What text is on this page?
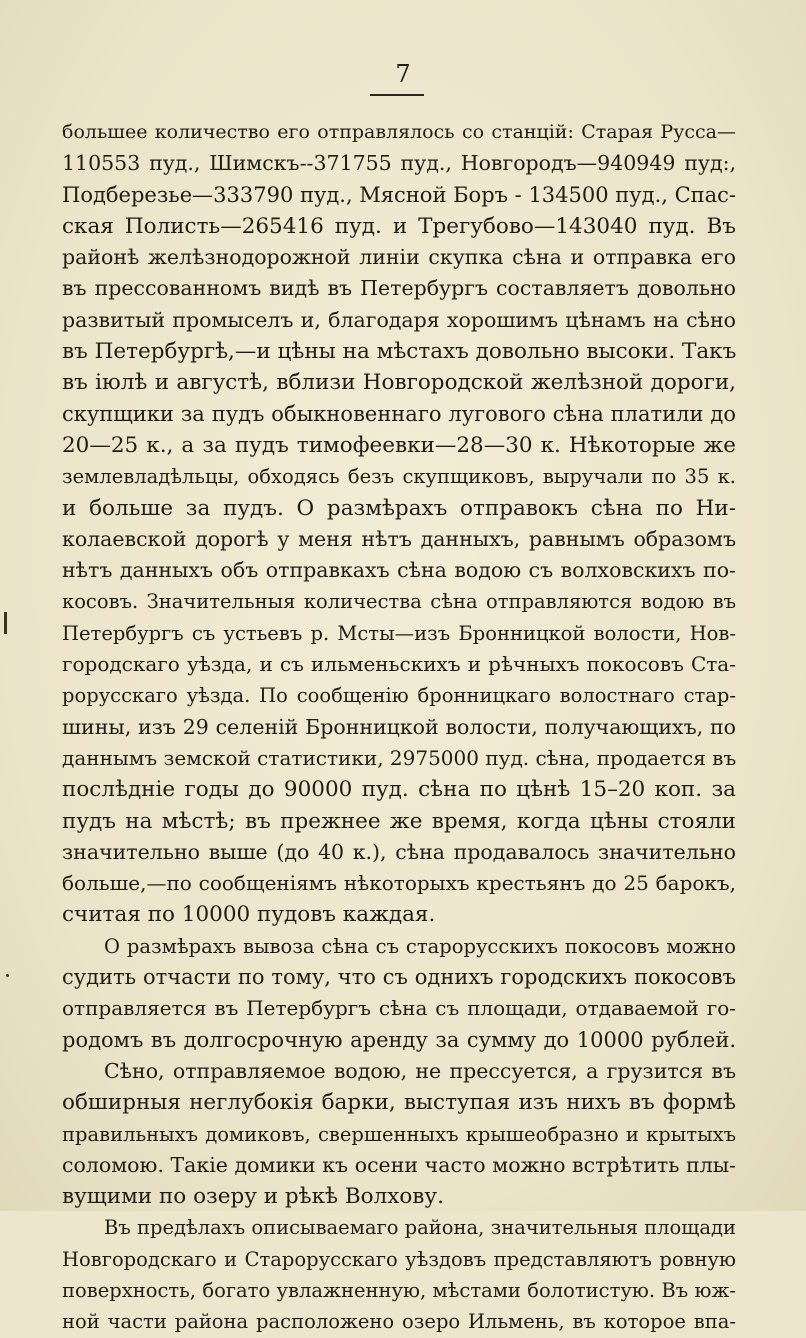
7
большее количество его отправлялось со станцiй: Старая Русса—
110553 пуд., Шимскъ--371755 пуд., Новгородъ—940949 пуд:,
Подберезье—333790 пуд., Мясной Боръ - 134500 пуд., Спас-
ская Полисть—265416 пуд. и Трегубово—143040 пуд. Въ
районѣ желѣзнодорожной линiи скупка сѣна и отправка его
въ прессованномъ видѣ въ Петербургъ составляетъ довольно
развитый промыселъ и, благодаря хорошимъ цѣнамъ на сѣно
въ Петербургѣ,—и цѣны на мѣстахъ довольно высоки. Такъ
въ iюлѣ и августѣ, вблизи Новгородской желѣзной дороги,
скупщики за пудъ обыкновеннаго лугового сѣна платили до
20—25 к., а за пудъ тимофеевки—28—30 к. Нѣкоторые же
землевладѣльцы, обходясь безъ скупщиковъ, выручали по 35 к.
и больше за пудъ. О размѣрахъ отправокъ сѣна по Ни-
колаевской дорогѣ у меня нѣтъ данныхъ, равнымъ образомъ
нѣтъ данныхъ объ отправкахъ сѣна водою съ волховскихъ по-
косовъ. Значительныя количества сѣна отправляются водою въ
Петербургъ съ устьевъ р. Мсты—изъ Бронницкой волости, Нов-
городскаго уѣзда, и съ ильменьскихъ и рѣчныхъ покосовъ Ста-
рорусскаго уѣзда. По сообщенiю бронницкаго волостнаго стар-
шины, изъ 29 селенiй Бронницкой волости, получающихъ, по
даннымъ земской статистики, 2975000 пуд. сѣна, продается въ
послѣднiе годы до 90000 пуд. сѣна по цѣнѣ 15–20 коп. за
пудъ на мѣстѣ; въ прежнее же время, когда цѣны стояли
значительно выше (до 40 к.), сѣна продавалось значительно
больше,—по сообщенiямъ нѣкоторыхъ крестьянъ до 25 барокъ,
считая по 10000 пудовъ каждая.
О размѣрахъ вывоза сѣна съ старорусскихъ покосовъ можно
судить отчасти по тому, что съ однихъ городскихъ покосовъ
отправляется въ Петербургъ сѣна съ площади, отдаваемой го-
родомъ въ долгосрочную аренду за сумму до 10000 рублей.
Сѣно, отправляемое водою, не прессуется, а грузится въ
обширныя неглубокiя барки, выступая изъ нихъ въ формѣ
правильныхъ домиковъ, свершенныхъ крышеобразно и крытыхъ
соломою. Такiе домики къ осени часто можно встрѣтить плы-
вущими по озеру и рѣкѣ Волхову.
Въ предѣлахъ описываемаго района, значительныя площади
Новгородскаго и Старорусскаго уѣздовъ представляютъ ровную
поверхность, богато увлажненную, мѣстами болотистую. Въ юж-
ной части района расположено озеро Ильмень, въ которое впа-
